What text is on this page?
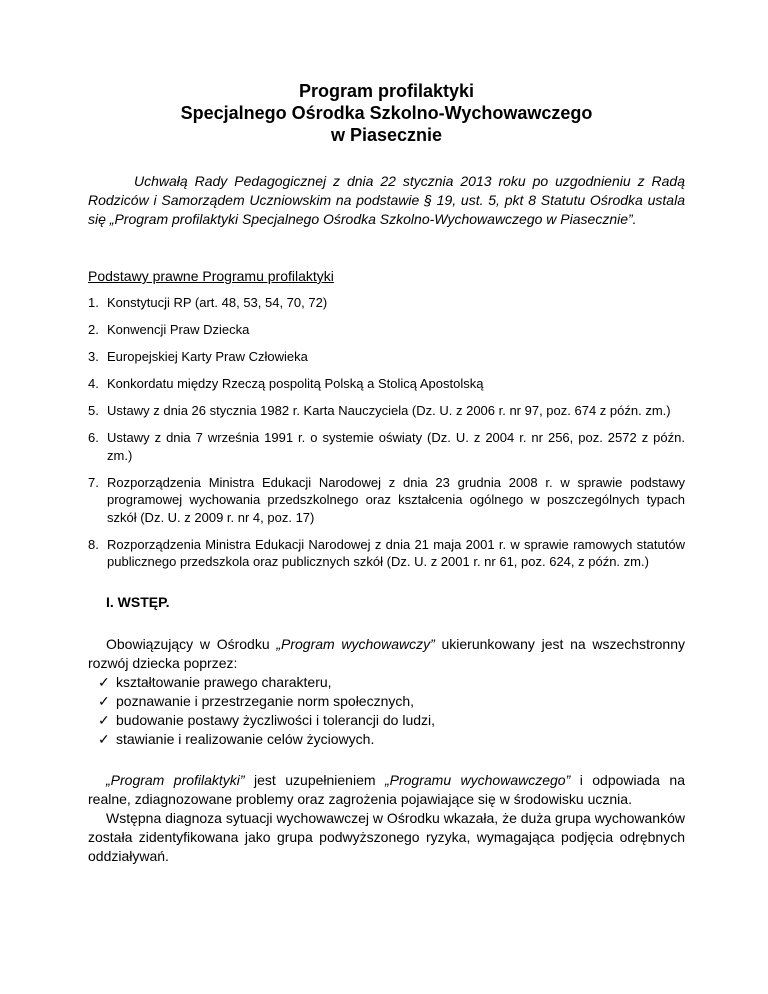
Program profilaktyki
Specjalnego Ośrodka Szkolno-Wychowawczego
w Piasecznie

Uchwałą Rady Pedagogicznej z dnia 22 stycznia 2013 roku po uzgodnieniu z Radą Rodziców i Samorządem Uczniowskim na podstawie § 19, ust. 5, pkt 8 Statutu Ośrodka ustala się „Program profilaktyki Specjalnego Ośrodka Szkolno-Wychowawczego w Piasecznie”.

Podstawy prawne Programu profilaktyki

1. Konstytucji RP (art. 48, 53, 54, 70, 72)
2. Konwencji Praw Dziecka
3. Europejskiej Karty Praw Człowieka
4. Konkordatu między Rzeczą pospolitą Polską a Stolicą Apostolską
5. Ustawy z dnia 26 stycznia 1982 r. Karta Nauczyciela (Dz. U. z 2006 r. nr 97, poz. 674 z późn. zm.)
6. Ustawy z dnia 7 września 1991 r. o systemie oświaty (Dz. U. z 2004 r. nr 256, poz. 2572 z późn. zm.)
7. Rozporządzenia Ministra Edukacji Narodowej z dnia 23 grudnia 2008 r. w sprawie podstawy programowej wychowania przedszkolnego oraz kształcenia ogólnego w poszczególnych typach szkół (Dz. U. z 2009 r. nr 4, poz. 17)
8. Rozporządzenia Ministra Edukacji Narodowej z dnia 21 maja 2001 r. w sprawie ramowych statutów publicznego przedszkola oraz publicznych szkół (Dz. U. z 2001 r. nr 61, poz. 624, z późn. zm.)

I. WSTĘP.

Obowiązujący w Ośrodku „Program wychowawczy” ukierunkowany jest na wszechstronny rozwój dziecka poprzez:

✓ kształtowanie prawego charakteru,
✓ poznawanie i przestrzeganie norm społecznych,
✓ budowanie postawy życzliwości i tolerancji do ludzi,
✓ stawianie i realizowanie celów życiowych.

„Program profilaktyki” jest uzupełnieniem „Programu wychowawczego” i odpowiada na realne, zdiagnozowane problemy oraz zagrożenia pojawiające się w środowisku ucznia.

Wstępna diagnoza sytuacji wychowawczej w Ośrodku wkazała, że duża grupa wychowanków została zidentyfikowana jako grupa podwyższonego ryzyka, wymagająca podjęcia odrębnych oddziaływań.
